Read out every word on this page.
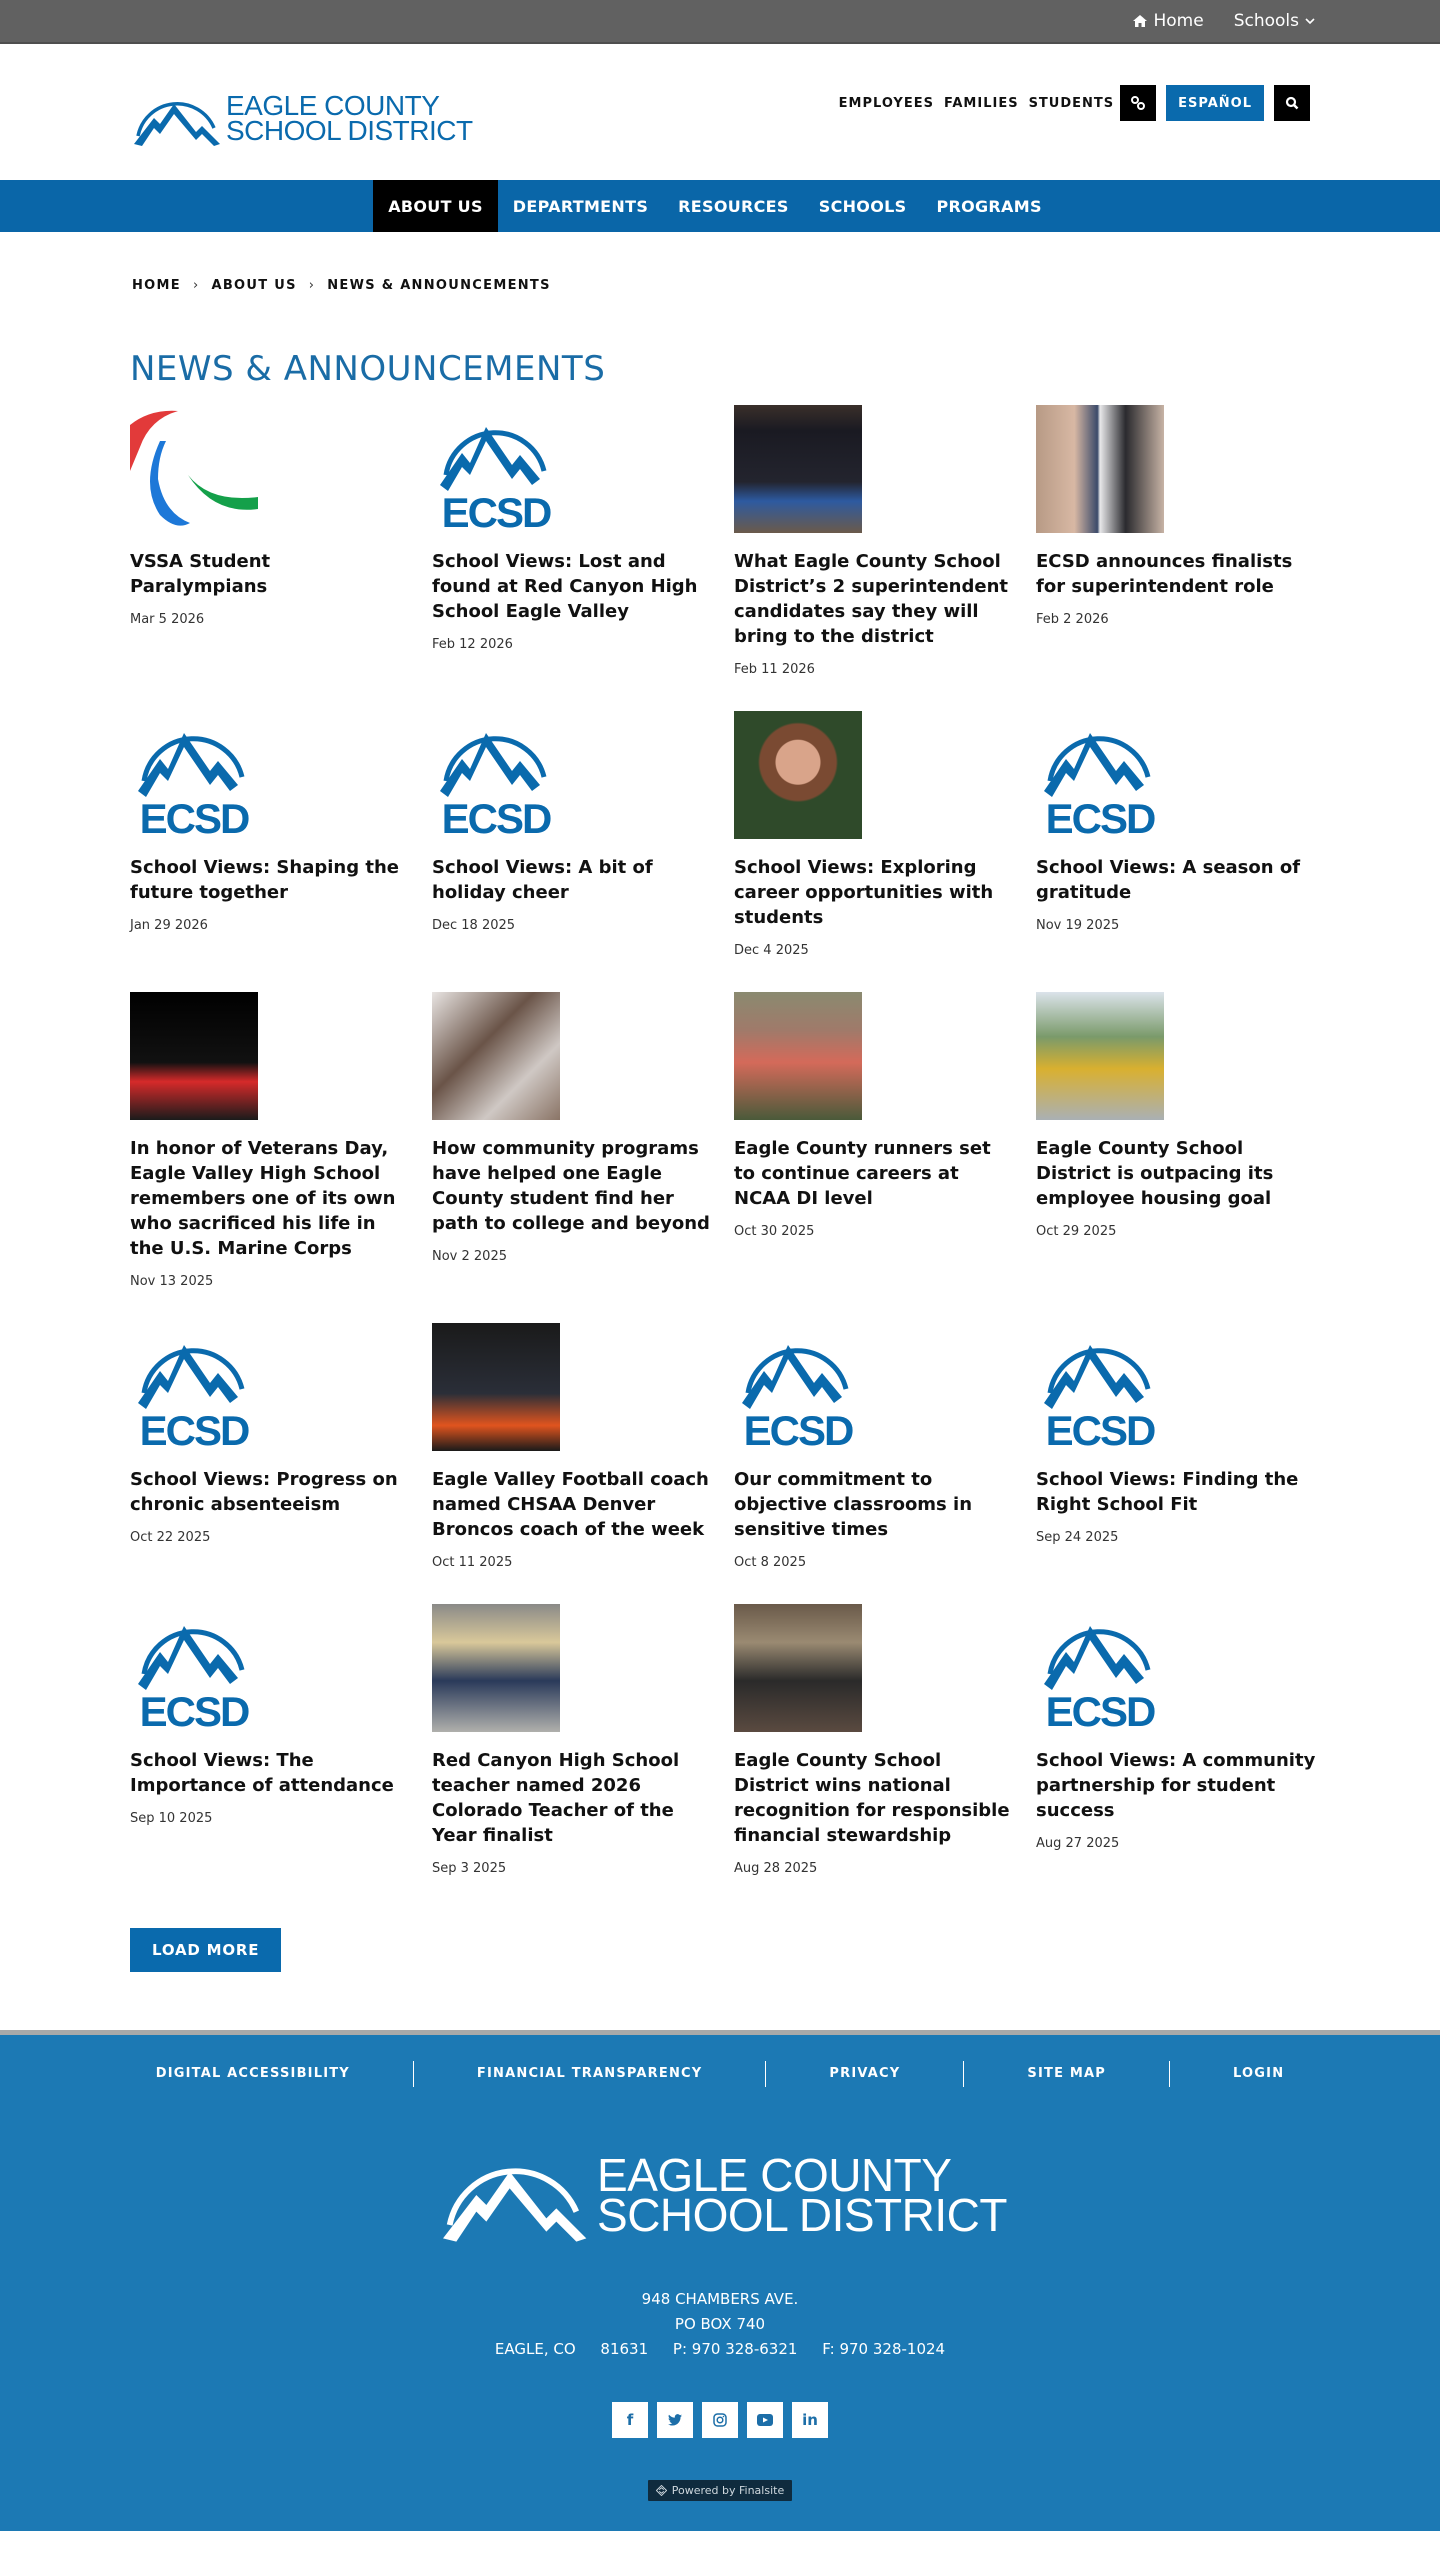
Home Schools
EAGLE COUNTY
SCHOOL DISTRICT
EMPLOYEES FAMILIES STUDENTS	ESPAÑOL
ABOUT US	DEPARTMENTS	RESOURCES	SCHOOLS	PROGRAMS
HOME › ABOUT US › NEWS & ANNOUNCEMENTS
NEWS & ANNOUNCEMENTS
VSSA Student Paralympians
Mar 5 2026
ECSD
School Views: Lost and found at Red Canyon High School Eagle Valley
Feb 12 2026
What Eagle County School District’s 2 superintendent candidates say they will bring to the district
Feb 11 2026
ECSD announces finalists for superintendent role
Feb 2 2026
ECSD
School Views: Shaping the future together
Jan 29 2026
ECSD
School Views: A bit of holiday cheer
Dec 18 2025
School Views: Exploring career opportunities with students
Dec 4 2025
ECSD
School Views: A season of gratitude
Nov 19 2025
In honor of Veterans Day, Eagle Valley High School remembers one of its own who sacrificed his life in the U.S. Marine Corps
Nov 13 2025
How community programs have helped one Eagle County student find her path to college and beyond
Nov 2 2025
Eagle County runners set to continue careers at NCAA DI level
Oct 30 2025
Eagle County School District is outpacing its employee housing goal
Oct 29 2025
ECSD
School Views: Progress on chronic absenteeism
Oct 22 2025
Eagle Valley Football coach named CHSAA Denver Broncos coach of the week
Oct 11 2025
ECSD
Our commitment to objective classrooms in sensitive times
Oct 8 2025
ECSD
School Views: Finding the Right School Fit
Sep 24 2025
ECSD
School Views: The Importance of attendance
Sep 10 2025
Red Canyon High School teacher named 2026 Colorado Teacher of the Year finalist
Sep 3 2025
Eagle County School District wins national recognition for responsible financial stewardship
Aug 28 2025
ECSD
School Views: A community partnership for student success
Aug 27 2025
LOAD MORE
DIGITAL ACCESSIBILITY	FINANCIAL TRANSPARENCY	PRIVACY	SITE MAP	LOGIN
EAGLE COUNTY
SCHOOL DISTRICT
948 CHAMBERS AVE.
PO BOX 740
EAGLE, CO 81631 P: 970 328-6321 F: 970 328-1024
f	in
Powered by Finalsite
